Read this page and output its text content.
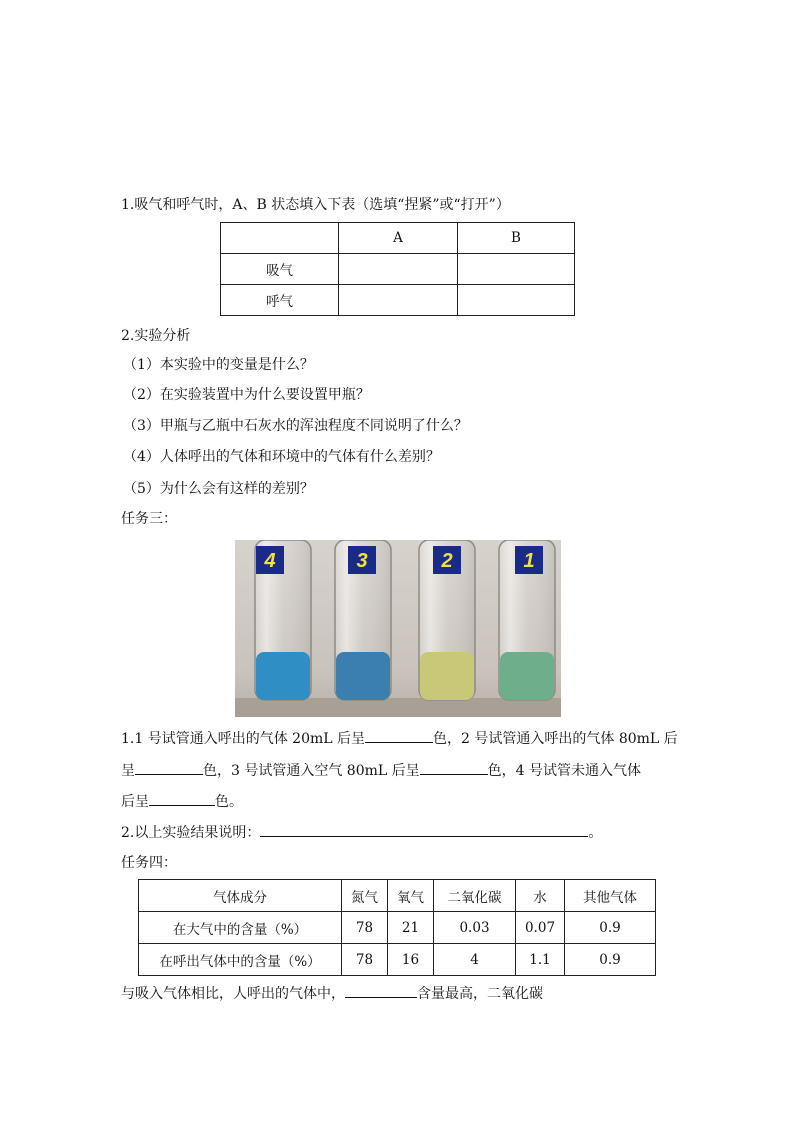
1.吸气和呼气时，A、B 状态填入下表（选填“捏紧”或“打开”）
	A	B
吸气		
呼气		
2.实验分析
（1）本实验中的变量是什么？
（2）在实验装置中为什么要设置甲瓶？
（3）甲瓶与乙瓶中石灰水的浑浊程度不同说明了什么？
（4）人体呼出的气体和环境中的气体有什么差别？
（5）为什么会有这样的差别？
任务三：
4	3	2	1
1.1 号试管通入呼出的气体 20mL 后呈	色，2 号试管通入呼出的气体 80mL 后
呈	色，3 号试管通入空气 80mL 后呈	色，4 号试管未通入气体
后呈	色。
2.以上实验结果说明：	。
任务四：
气体成分	氮气	氧气	二氧化碳	水	其他气体
在大气中的含量（%）	78	21	0.03	0.07	0.9
在呼出气体中的含量（%）	78	16	4	1.1	0.9
与吸入气体相比，人呼出的气体中，	含量最高，二氧化碳
